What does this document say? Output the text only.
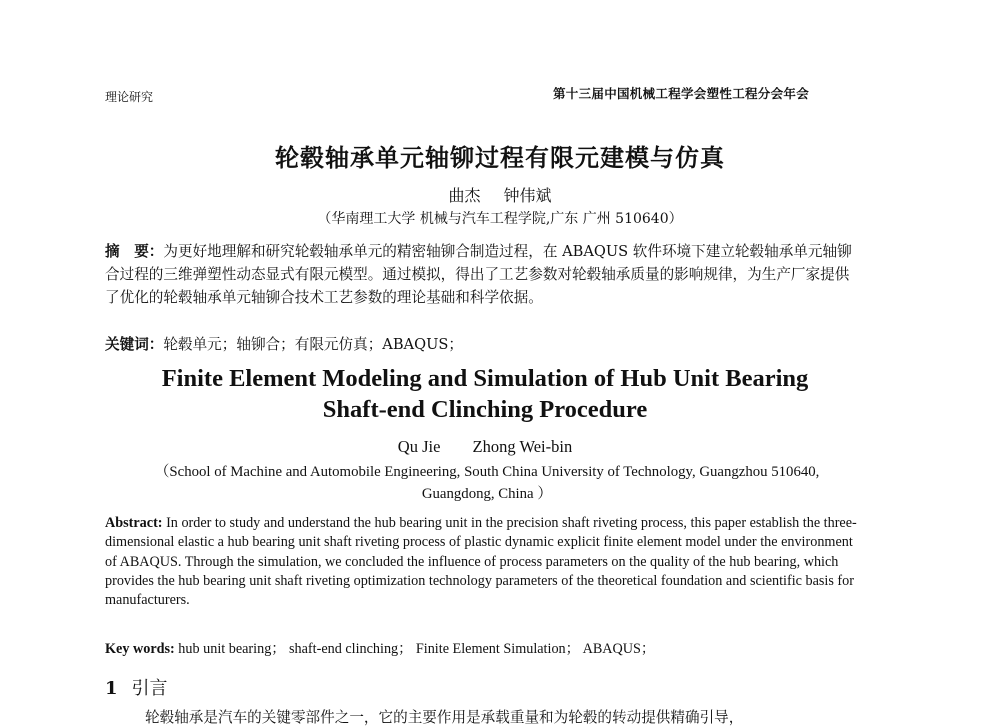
理论研究	第十三届中国机械工程学会塑性工程分会年会
轮毂轴承单元轴铆过程有限元建模与仿真
曲杰 钟伟斌
（华南理工大学 机械与汽车工程学院,广东 广州 510640）
摘　要：为更好地理解和研究轮毂轴承单元的精密轴铆合制造过程，在 ABAQUS 软件环境下建立轮毂轴承单元轴铆合过程的三维弹塑性动态显式有限元模型。通过模拟，得出了工艺参数对轮毂轴承质量的影响规律，为生产厂家提供了优化的轮毂轴承单元轴铆合技术工艺参数的理论基础和科学依据。
关键词：轮毂单元；轴铆合；有限元仿真；ABAQUS；
Finite Element Modeling and Simulation of Hub Unit Bearing
Shaft-end Clinching Procedure
Qu Jie Zhong Wei-bin
（School of Machine and Automobile Engineering, South China University of Technology, Guangzhou 510640, Guangdong, China ）
Abstract: In order to study and understand the hub bearing unit in the precision shaft riveting process, this paper establish the three-dimensional elastic a hub bearing unit shaft riveting process of plastic dynamic explicit finite element model under the environment of ABAQUS. Through the simulation, we concluded the influence of process parameters on the quality of the hub bearing, which provides the hub bearing unit shaft riveting optimization technology parameters of the theoretical foundation and scientific basis for manufacturers.
Key words: hub unit bearing； shaft-end clinching； Finite Element Simulation； ABAQUS；
1 引言
轮毂轴承是汽车的关键零部件之一，它的主要作用是承载重量和为轮毂的转动提供精确引导，
